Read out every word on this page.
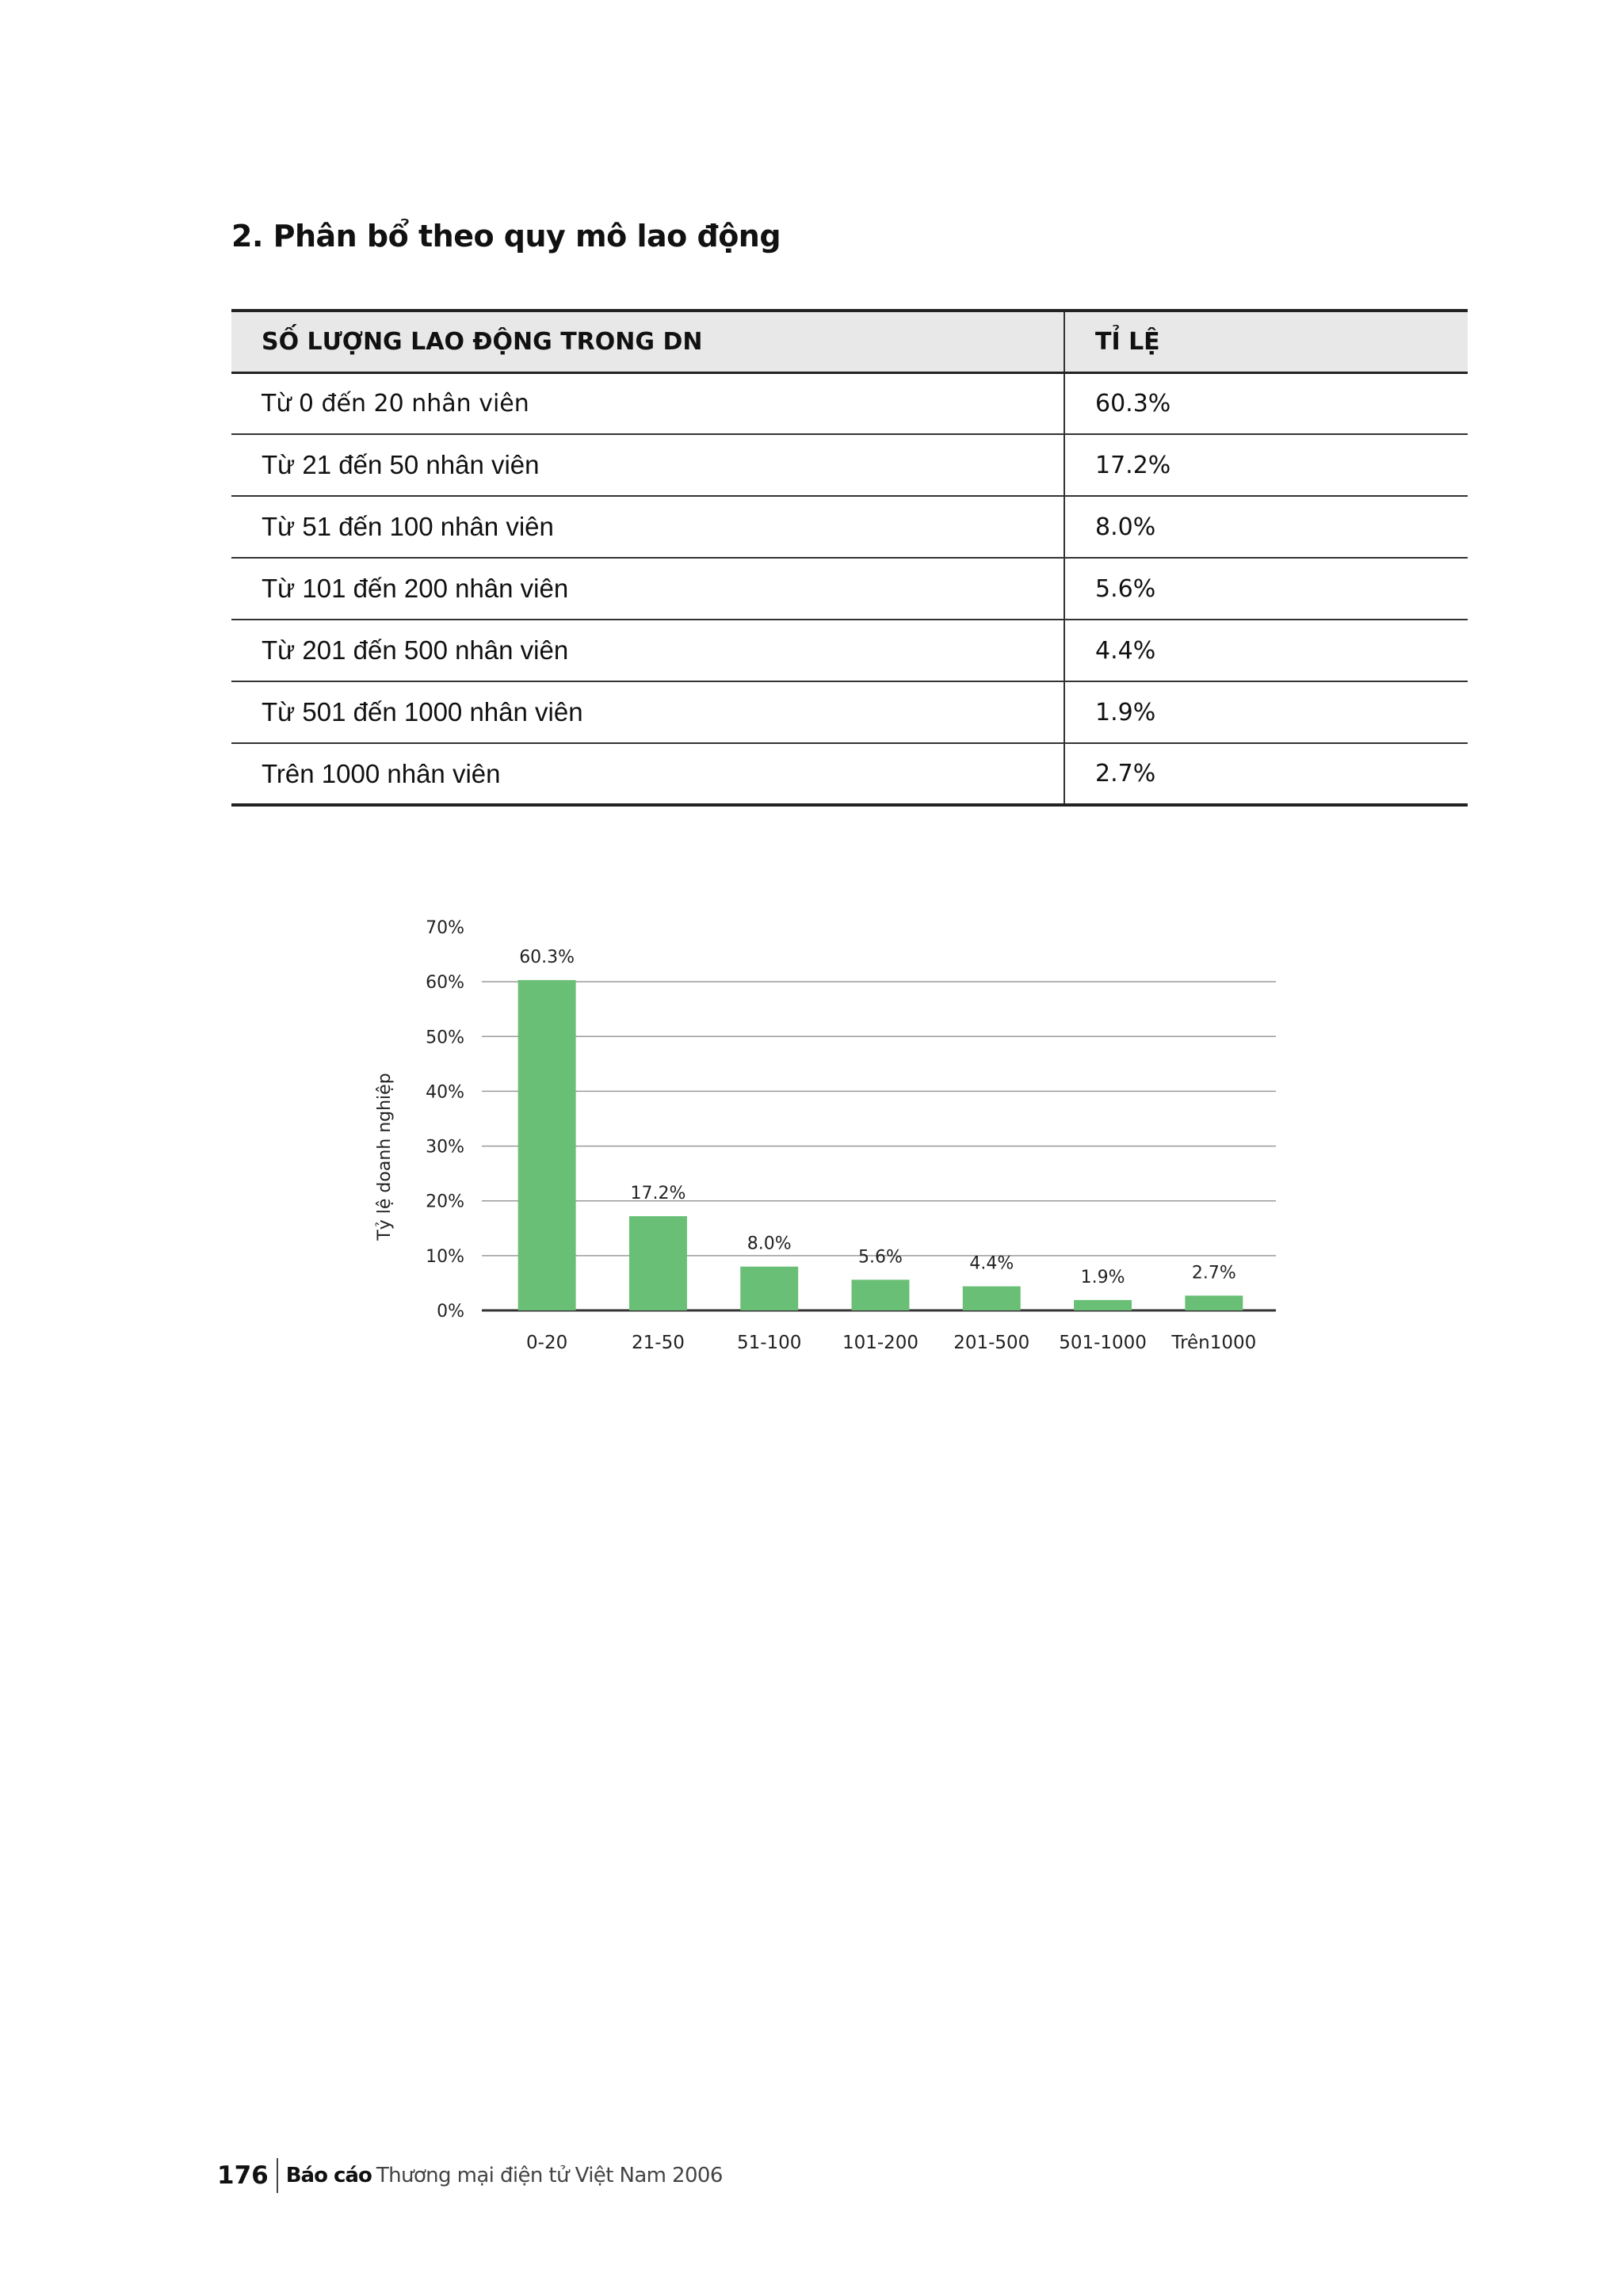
2. Phân bổ theo quy mô lao động
SỐ LƯỢNG LAO ĐỘNG TRONG DN	TỈ LỆ
Từ 0 đến 20 nhân viên	60.3%
Từ 21 đến 50 nhân viên	17.2%
Từ 51 đến 100 nhân viên	8.0%
Từ 101 đến 200 nhân viên	5.6%
Từ 201 đến 500 nhân viên	4.4%
Từ 501 đến 1000 nhân viên	1.9%
Trên 1000 nhân viên	2.7%
Tỷ lệ doanh nghiệp
0%
10%
20%
30%
40%
50%
60%
70%
60.3%
0-20
17.2%
21-50
8.0%
51-100
5.6%
101-200
4.4%
201-500
1.9%
501-1000
2.7%
Trên1000
176 Báo cáo Thương mại điện tử Việt Nam 2006
